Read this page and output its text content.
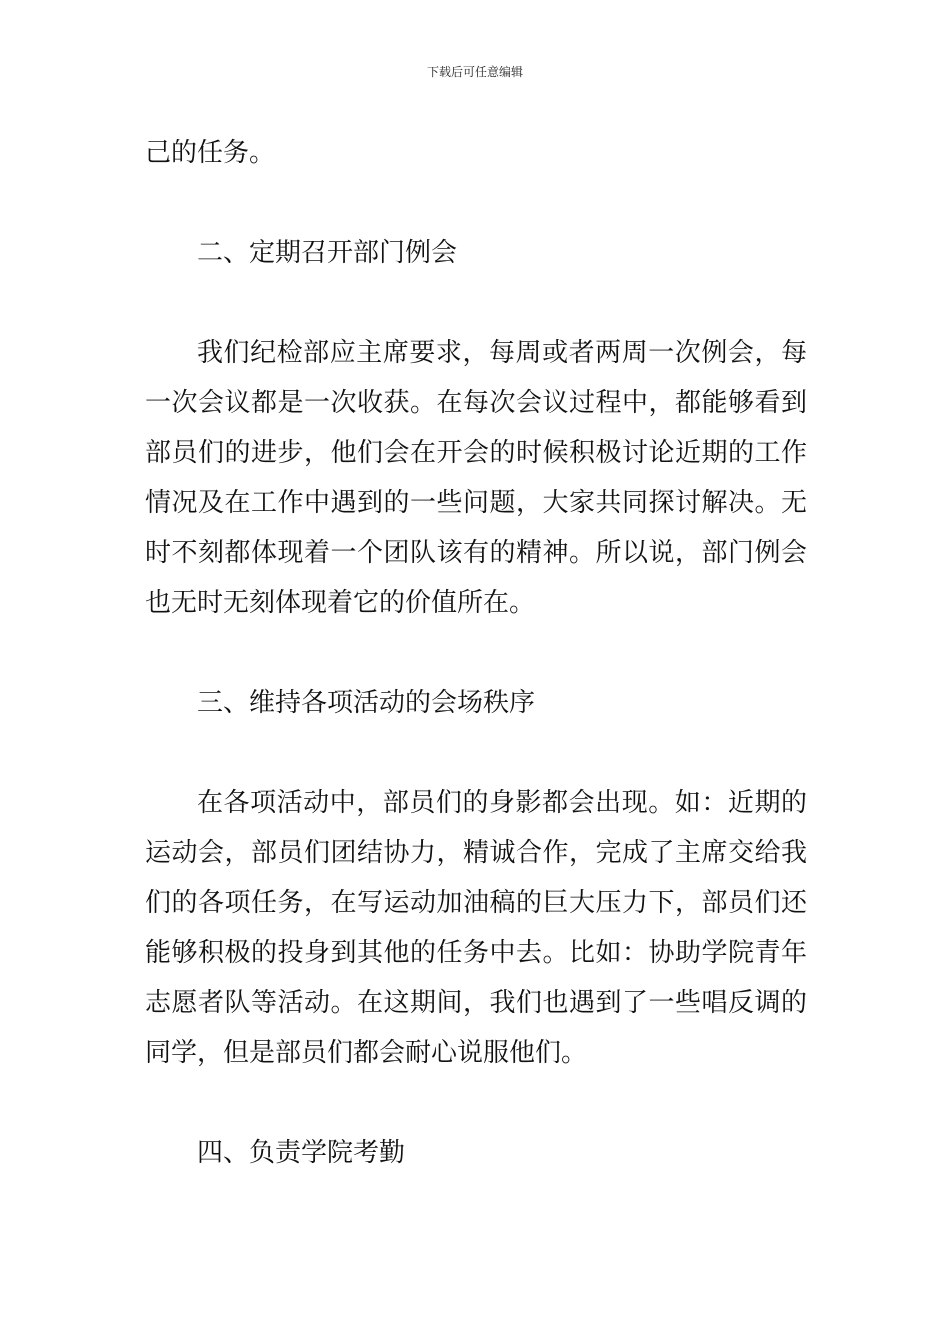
下载后可任意编辑

己的任务。

二、定期召开部门例会

我们纪检部应主席要求，每周或者两周一次例会，每一次会议都是一次收获。在每次会议过程中，都能够看到部员们的进步，他们会在开会的时候积极讨论近期的工作情况及在工作中遇到的一些问题，大家共同探讨解决。无时不刻都体现着一个团队该有的精神。所以说，部门例会也无时无刻体现着它的价值所在。

三、维持各项活动的会场秩序

在各项活动中，部员们的身影都会出现。如：近期的运动会，部员们团结协力，精诚合作，完成了主席交给我们的各项任务，在写运动加油稿的巨大压力下，部员们还能够积极的投身到其他的任务中去。比如：协助学院青年志愿者队等活动。在这期间，我们也遇到了一些唱反调的同学，但是部员们都会耐心说服他们。

四、负责学院考勤
